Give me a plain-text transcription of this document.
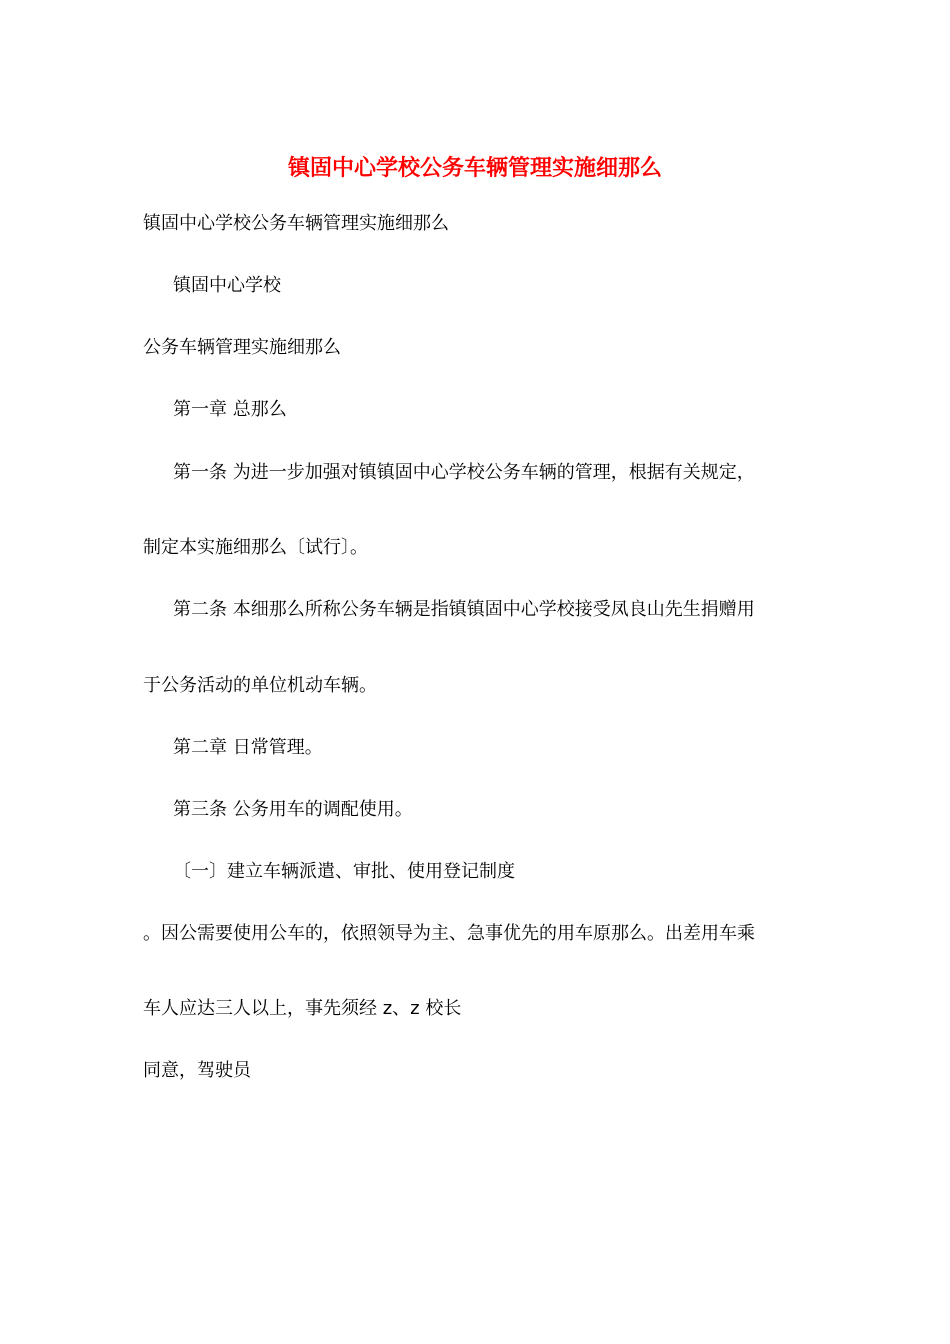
镇固中心学校公务车辆管理实施细那么
镇固中心学校公务车辆管理实施细那么
镇固中心学校
公务车辆管理实施细那么
第一章 总那么
第一条 为进一步加强对镇镇固中心学校公务车辆的管理，根据有关规定，
制定本实施细那么〔试行〕。
第二条 本细那么所称公务车辆是指镇镇固中心学校接受凤良山先生捐赠用
于公务活动的单位机动车辆。
第二章 日常管理。
第三条 公务用车的调配使用。
〔一〕建立车辆派遣、审批、使用登记制度
。因公需要使用公车的，依照领导为主、急事优先的用车原那么。出差用车乘
车人应达三人以上，事先须经 z、z 校长
同意，驾驶员
